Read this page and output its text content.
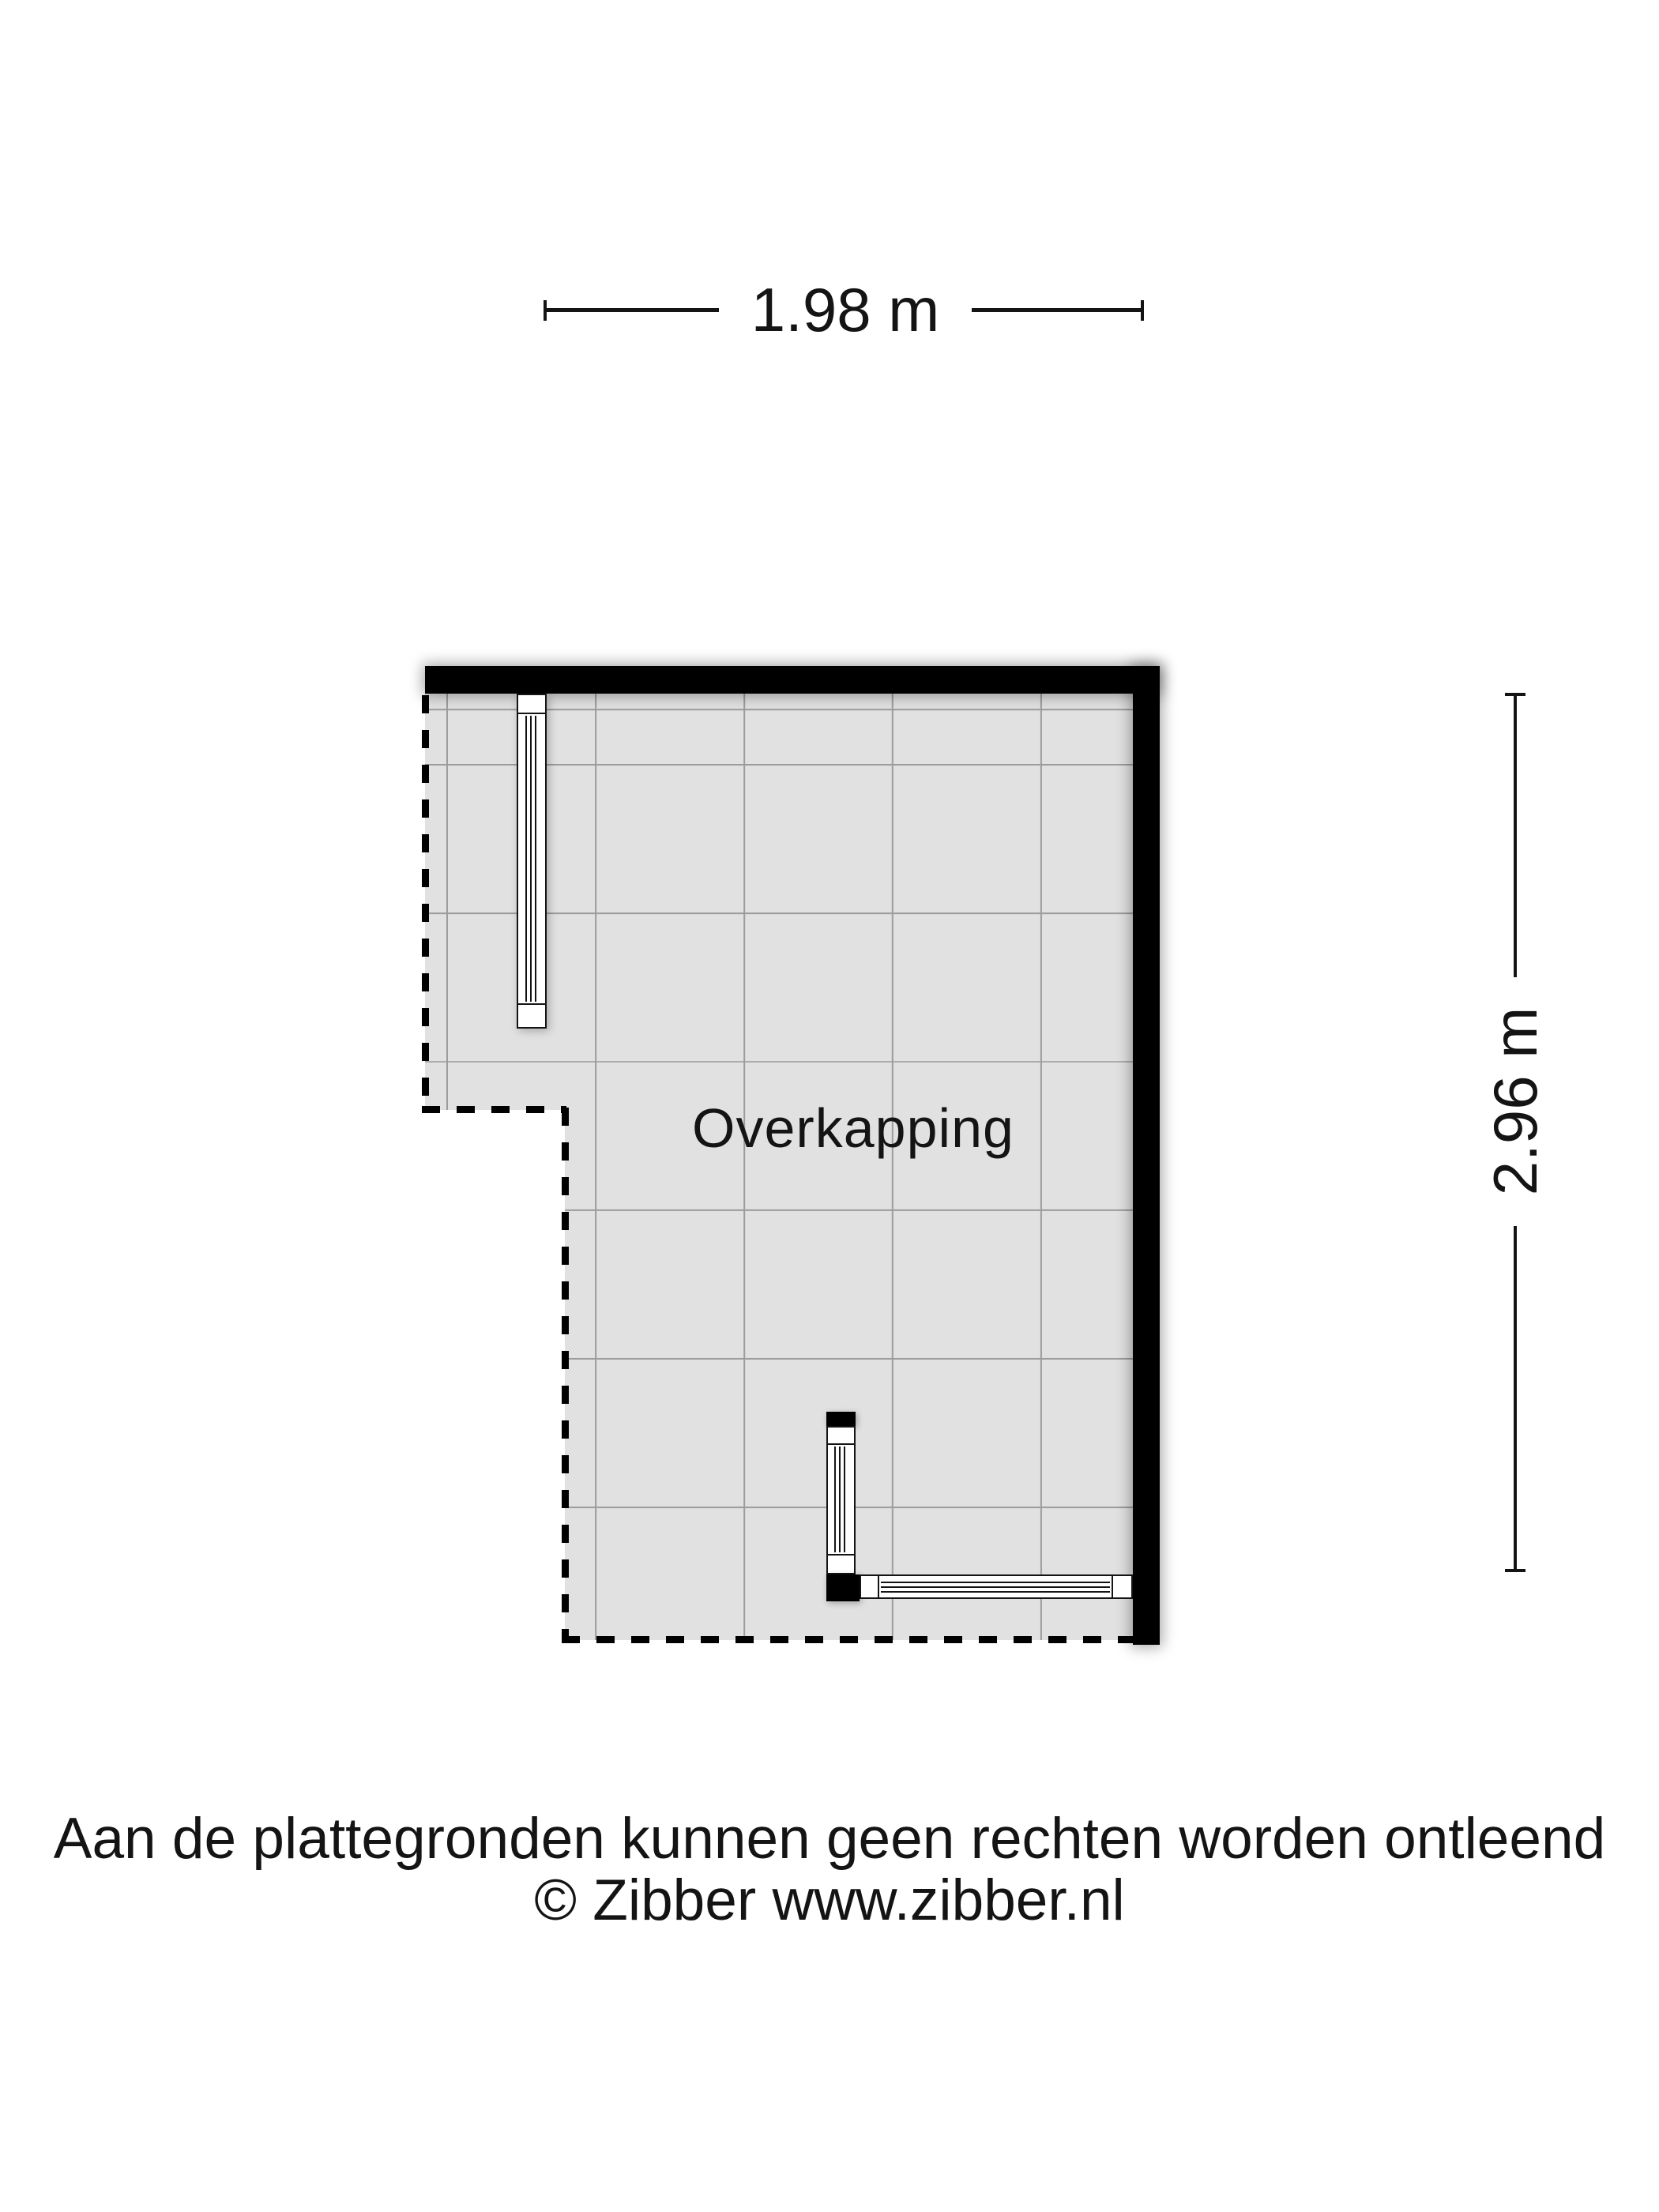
1.98 m
Overkapping	2.96 m
Aan de plattegronden kunnen geen rechten worden ontleend
© Zibber www.zibber.nl
